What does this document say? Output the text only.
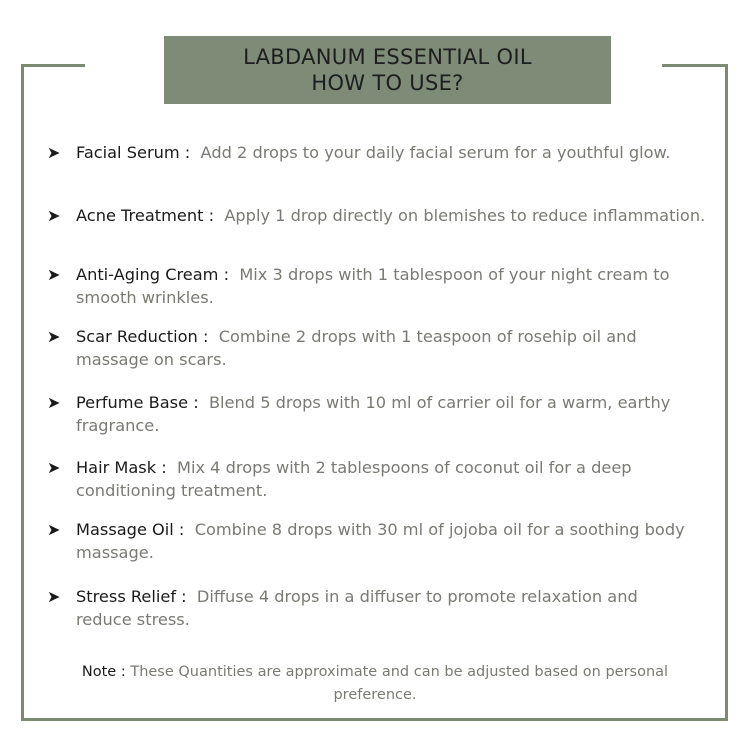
LABDANUM ESSENTIAL OIL
HOW TO USE?
➤ Facial Serum : Add 2 drops to your daily facial serum for a youthful glow.
➤ Acne Treatment : Apply 1 drop directly on blemishes to reduce inflammation.
➤ Anti-Aging Cream : Mix 3 drops with 1 tablespoon of your night cream to smooth wrinkles.
➤ Scar Reduction : Combine 2 drops with 1 teaspoon of rosehip oil and massage on scars.
➤ Perfume Base : Blend 5 drops with 10 ml of carrier oil for a warm, earthy fragrance.
➤ Hair Mask : Mix 4 drops with 2 tablespoons of coconut oil for a deep conditioning treatment.
➤ Massage Oil : Combine 8 drops with 30 ml of jojoba oil for a soothing body massage.
➤ Stress Relief : Diffuse 4 drops in a diffuser to promote relaxation and reduce stress.
Note : These Quantities are approximate and can be adjusted based on personal preference.
